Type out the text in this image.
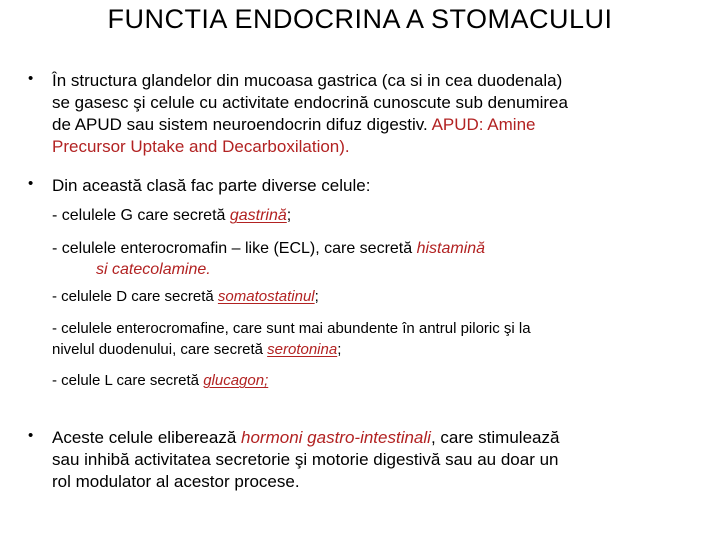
FUNCTIA ENDOCRINA A STOMACULUI
• În structura glandelor din mucoasa gastrica (ca si in cea duodenala)
se gasesc şi celule cu activitate endocrină cunoscute sub denumirea
de APUD sau sistem neuroendocrin difuz digestiv. APUD: Amine
Precursor Uptake and Decarboxilation).
• Din această clasă fac parte diverse celule:
- celulele G care secretă gastrină;
- celulele enterocromafin – like (ECL), care secretă histamină
si catecolamine.
- celulele D care secretă somatostatinul;
- celulele enterocromafine, care sunt mai abundente în antrul piloric şi la
nivelul duodenului, care secretă serotonina;
- celule L care secretă glucagon;
• Aceste celule eliberează hormoni gastro-intestinali, care stimulează
sau inhibă activitatea secretorie şi motorie digestivă sau au doar un
rol modulator al acestor procese.
